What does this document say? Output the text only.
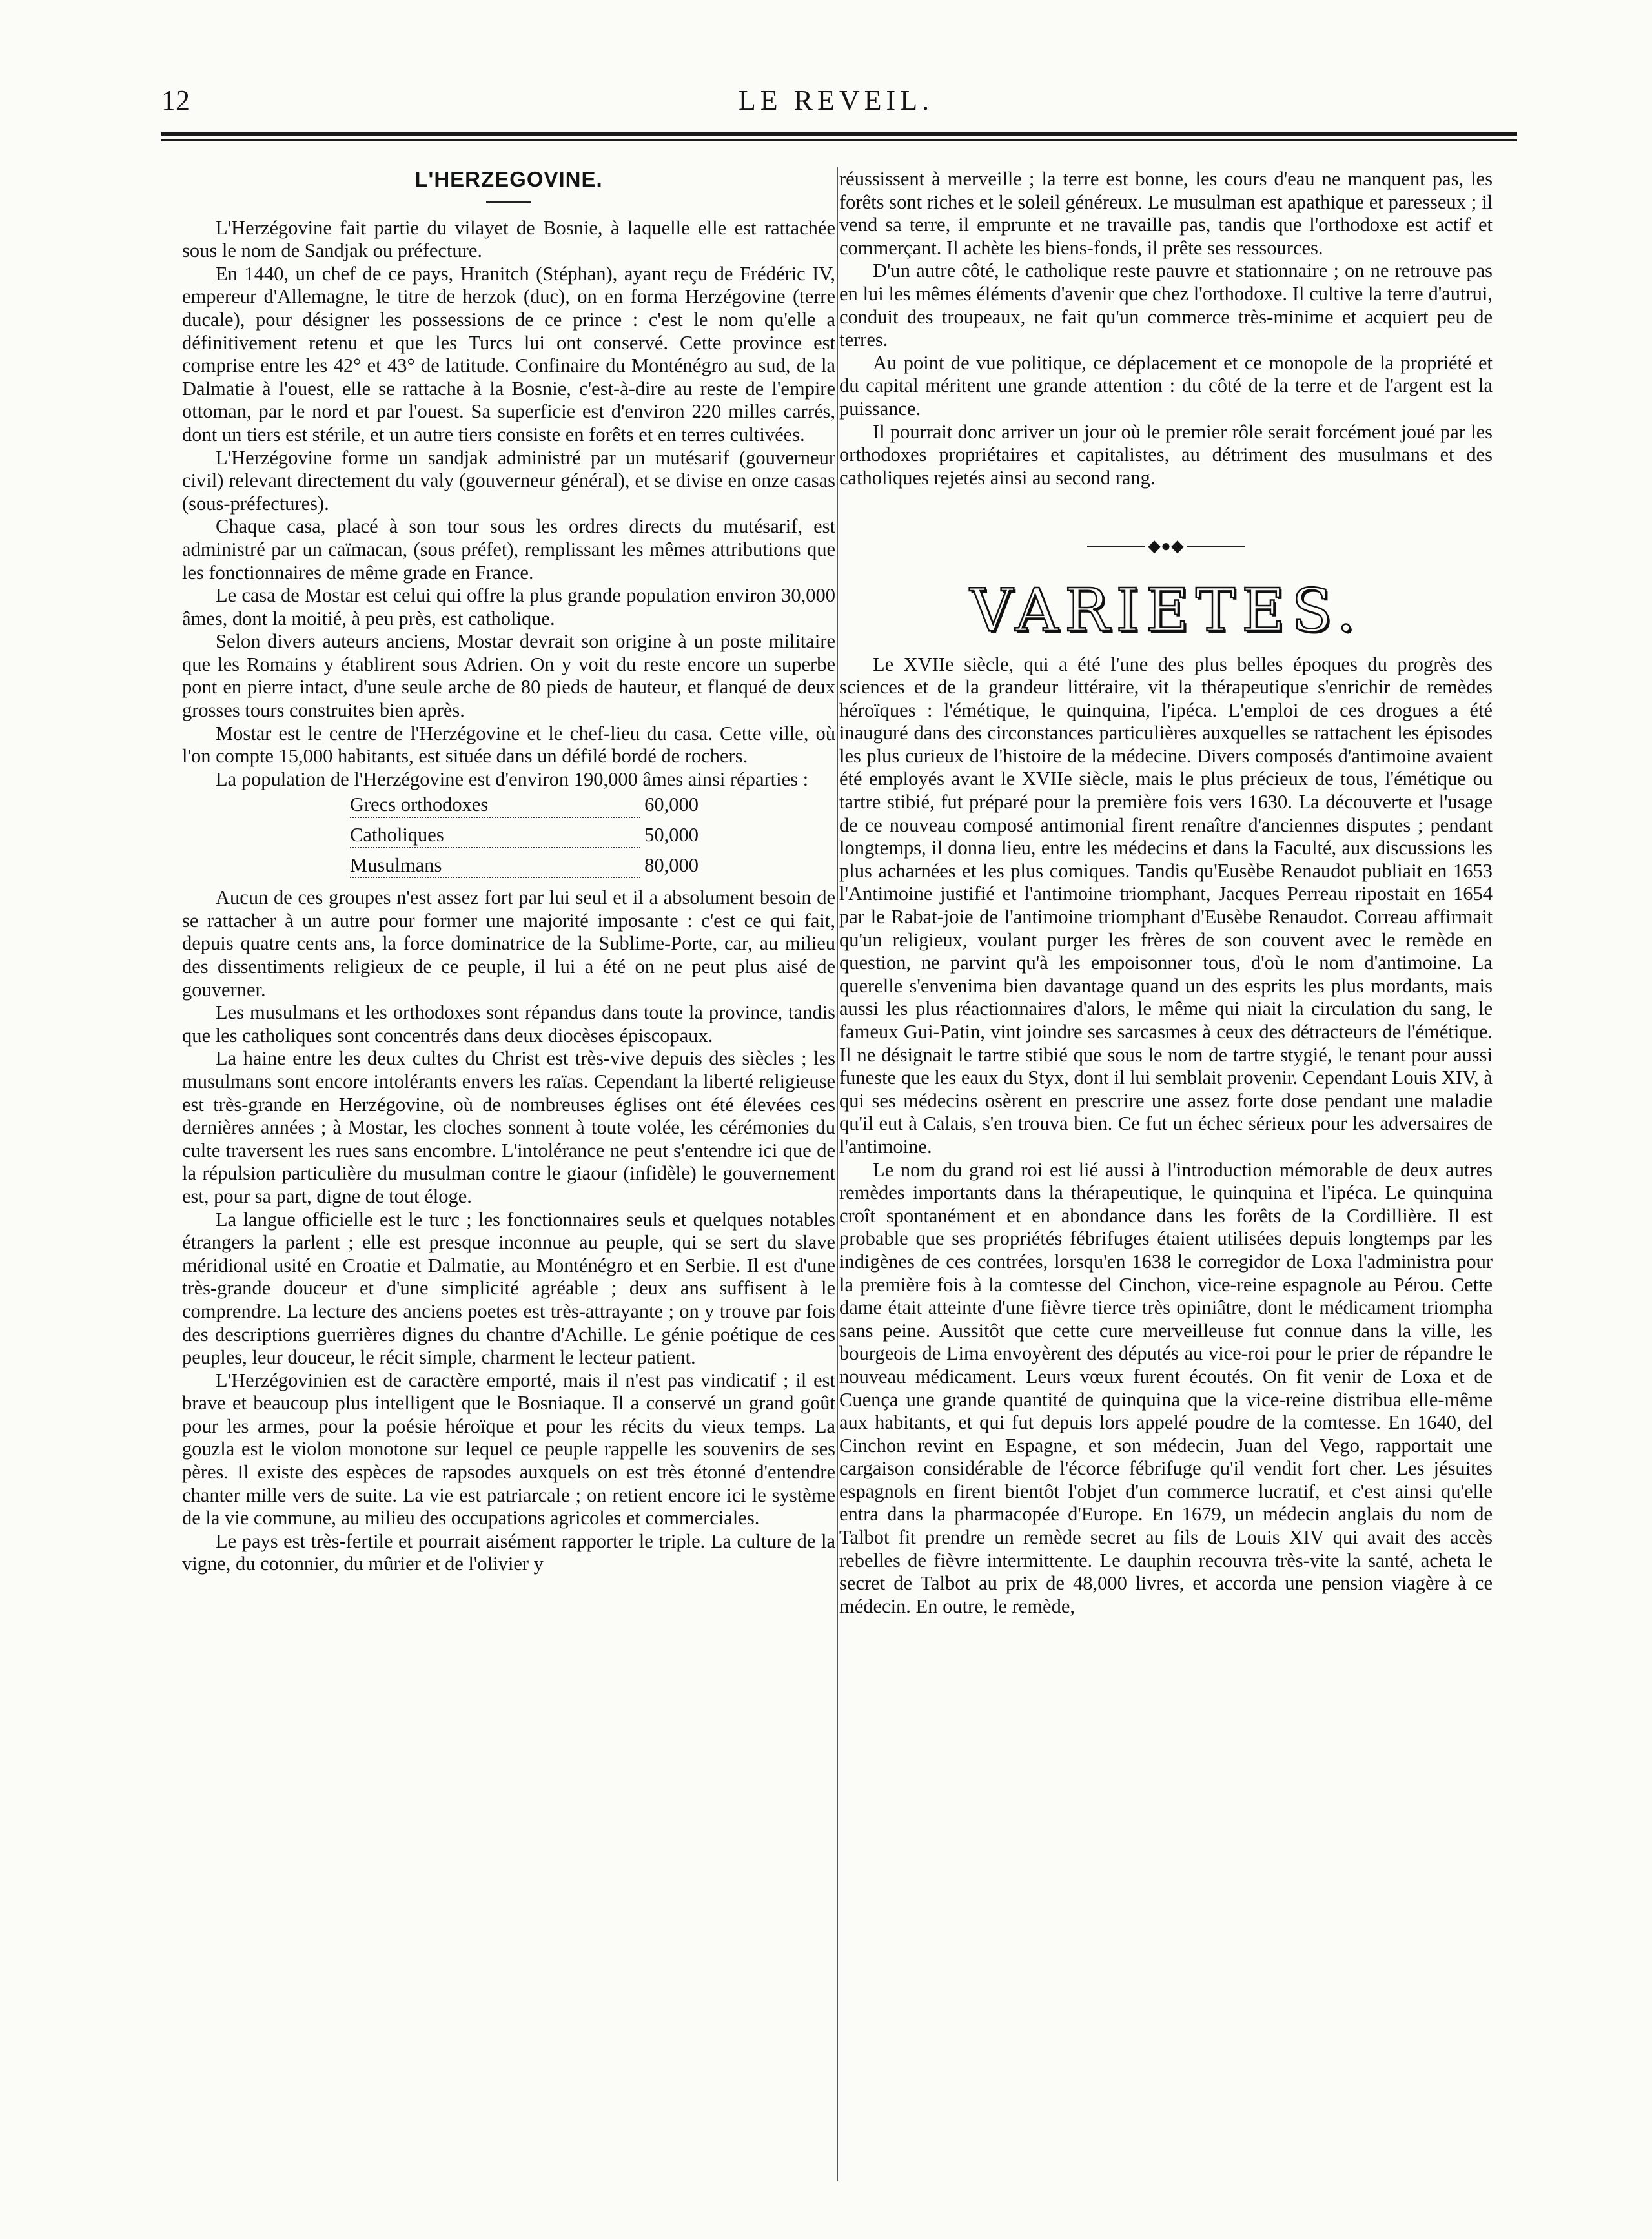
12	LE REVEIL.
L'HERZEGOVINE.

L'Herzégovine fait partie du vilayet de Bosnie, à laquelle elle est rattachée sous le nom de Sandjak ou préfecture.

En 1440, un chef de ce pays, Hranitch (Stéphan), ayant reçu de Frédéric IV, empereur d'Allemagne, le titre de herzok (duc), on en forma Herzégovine (terre ducale), pour désigner les possessions de ce prince : c'est le nom qu'elle a définitivement retenu et que les Turcs lui ont conservé. Cette province est comprise entre les 42° et 43° de latitude. Confinaire du Monténégro au sud, de la Dalmatie à l'ouest, elle se rattache à la Bosnie, c'est-à-dire au reste de l'empire ottoman, par le nord et par l'ouest. Sa superficie est d'environ 220 milles carrés, dont un tiers est stérile, et un autre tiers consiste en forêts et en terres cultivées.

L'Herzégovine forme un sandjak administré par un mutésarif (gouverneur civil) relevant directement du valy (gouverneur général), et se divise en onze casas (sous-préfectures).

Chaque casa, placé à son tour sous les ordres directs du mutésarif, est administré par un caïmacan, (sous préfet), remplissant les mêmes attributions que les fonctionnaires de même grade en France.

Le casa de Mostar est celui qui offre la plus grande population environ 30,000 âmes, dont la moitié, à peu près, est catholique.

Selon divers auteurs anciens, Mostar devrait son origine à un poste militaire que les Romains y établirent sous Adrien. On y voit du reste encore un superbe pont en pierre intact, d'une seule arche de 80 pieds de hauteur, et flanqué de deux grosses tours construites bien après.

Mostar est le centre de l'Herzégovine et le chef-lieu du casa. Cette ville, où l'on compte 15,000 habitants, est située dans un défilé bordé de rochers.

La population de l'Herzégovine est d'environ 190,000 âmes ainsi réparties :

Grecs orthodoxes	60,000
Catholiques	50,000
Musulmans	80,000

Aucun de ces groupes n'est assez fort par lui seul et il a absolument besoin de se rattacher à un autre pour former une majorité imposante : c'est ce qui fait, depuis quatre cents ans, la force dominatrice de la Sublime-Porte, car, au milieu des dissentiments religieux de ce peuple, il lui a été on ne peut plus aisé de gouverner.

Les musulmans et les orthodoxes sont répandus dans toute la province, tandis que les catholiques sont concentrés dans deux diocèses épiscopaux.

La haine entre les deux cultes du Christ est très-vive depuis des siècles ; les musulmans sont encore intolérants envers les raïas. Cependant la liberté religieuse est très-grande en Herzégovine, où de nombreuses églises ont été élevées ces dernières années ; à Mostar, les cloches sonnent à toute volée, les cérémonies du culte traversent les rues sans encombre. L'intolérance ne peut s'entendre ici que de la répulsion particulière du musulman contre le giaour (infidèle) le gouvernement est, pour sa part, digne de tout éloge.

La langue officielle est le turc ; les fonctionnaires seuls et quelques notables étrangers la parlent ; elle est presque inconnue au peuple, qui se sert du slave méridional usité en Croatie et Dalmatie, au Monténégro et en Serbie. Il est d'une très-grande douceur et d'une simplicité agréable ; deux ans suffisent à le comprendre. La lecture des anciens poetes est très-attrayante ; on y trouve par fois des descriptions guerrières dignes du chantre d'Achille. Le génie poétique de ces peuples, leur douceur, le récit simple, charment le lecteur patient.

L'Herzégovinien est de caractère emporté, mais il n'est pas vindicatif ; il est brave et beaucoup plus intelligent que le Bosniaque. Il a conservé un grand goût pour les armes, pour la poésie héroïque et pour les récits du vieux temps. La gouzla est le violon monotone sur lequel ce peuple rappelle les souvenirs de ses pères. Il existe des espèces de rapsodes auxquels on est très étonné d'entendre chanter mille vers de suite. La vie est patriarcale ; on retient encore ici le système de la vie commune, au milieu des occupations agricoles et commerciales.

Le pays est très-fertile et pourrait aisément rapporter le triple. La culture de la vigne, du cotonnier, du mûrier et de l'olivier y

réussissent à merveille ; la terre est bonne, les cours d'eau ne manquent pas, les forêts sont riches et le soleil généreux. Le musulman est apathique et paresseux ; il vend sa terre, il emprunte et ne travaille pas, tandis que l'orthodoxe est actif et commerçant. Il achète les biens-fonds, il prête ses ressources.

D'un autre côté, le catholique reste pauvre et stationnaire ; on ne retrouve pas en lui les mêmes éléments d'avenir que chez l'orthodoxe. Il cultive la terre d'autrui, conduit des troupeaux, ne fait qu'un commerce très-minime et acquiert peu de terres.

Au point de vue politique, ce déplacement et ce monopole de la propriété et du capital méritent une grande attention : du côté de la terre et de l'argent est la puissance.

Il pourrait donc arriver un jour où le premier rôle serait forcément joué par les orthodoxes propriétaires et capitalistes, au détriment des musulmans et des catholiques rejetés ainsi au second rang.

◆●◆
VARIETES.

Le XVIIe siècle, qui a été l'une des plus belles époques du progrès des sciences et de la grandeur littéraire, vit la thérapeutique s'enrichir de remèdes héroïques : l'émétique, le quinquina, l'ipéca. L'emploi de ces drogues a été inauguré dans des circonstances particulières auxquelles se rattachent les épisodes les plus curieux de l'histoire de la médecine. Divers composés d'antimoine avaient été employés avant le XVIIe siècle, mais le plus précieux de tous, l'émétique ou tartre stibié, fut préparé pour la première fois vers 1630. La découverte et l'usage de ce nouveau composé antimonial firent renaître d'anciennes disputes ; pendant longtemps, il donna lieu, entre les médecins et dans la Faculté, aux discussions les plus acharnées et les plus comiques. Tandis qu'Eusèbe Renaudot publiait en 1653 l'Antimoine justifié et l'antimoine triomphant, Jacques Perreau ripostait en 1654 par le Rabat-joie de l'antimoine triomphant d'Eusèbe Renaudot. Correau affirmait qu'un religieux, voulant purger les frères de son couvent avec le remède en question, ne parvint qu'à les empoisonner tous, d'où le nom d'antimoine. La querelle s'envenima bien davantage quand un des esprits les plus mordants, mais aussi les plus réactionnaires d'alors, le même qui niait la circulation du sang, le fameux Gui-Patin, vint joindre ses sarcasmes à ceux des détracteurs de l'émétique. Il ne désignait le tartre stibié que sous le nom de tartre stygié, le tenant pour aussi funeste que les eaux du Styx, dont il lui semblait provenir. Cependant Louis XIV, à qui ses médecins osèrent en prescrire une assez forte dose pendant une maladie qu'il eut à Calais, s'en trouva bien. Ce fut un échec sérieux pour les adversaires de l'antimoine.

Le nom du grand roi est lié aussi à l'introduction mémorable de deux autres remèdes importants dans la thérapeutique, le quinquina et l'ipéca. Le quinquina croît spontanément et en abondance dans les forêts de la Cordillière. Il est probable que ses propriétés fébrifuges étaient utilisées depuis longtemps par les indigènes de ces contrées, lorsqu'en 1638 le corregidor de Loxa l'administra pour la première fois à la comtesse del Cinchon, vice-reine espagnole au Pérou. Cette dame était atteinte d'une fièvre tierce très opiniâtre, dont le médicament triompha sans peine. Aussitôt que cette cure merveilleuse fut connue dans la ville, les bourgeois de Lima envoyèrent des députés au vice-roi pour le prier de répandre le nouveau médicament. Leurs vœux furent écoutés. On fit venir de Loxa et de Cuença une grande quantité de quinquina que la vice-reine distribua elle-même aux habitants, et qui fut depuis lors appelé poudre de la comtesse. En 1640, del Cinchon revint en Espagne, et son médecin, Juan del Vego, rapportait une cargaison considérable de l'écorce fébrifuge qu'il vendit fort cher. Les jésuites espagnols en firent bientôt l'objet d'un commerce lucratif, et c'est ainsi qu'elle entra dans la pharmacopée d'Europe. En 1679, un médecin anglais du nom de Talbot fit prendre un remède secret au fils de Louis XIV qui avait des accès rebelles de fièvre intermittente. Le dauphin recouvra très-vite la santé, acheta le secret de Talbot au prix de 48,000 livres, et accorda une pension viagère à ce médecin. En outre, le remède,
